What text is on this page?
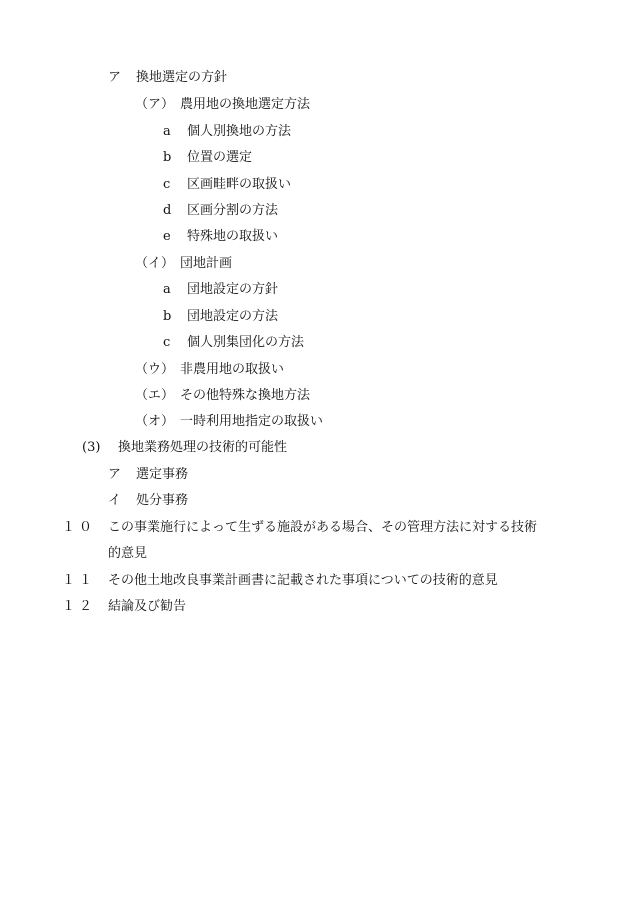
ア 換地選定の方針
（ア） 農用地の換地選定方法
a 個人別換地の方法
b 位置の選定
c 区画畦畔の取扱い
d 区画分割の方法
e 特殊地の取扱い
（イ） 団地計画
a 団地設定の方針
b 団地設定の方法
c 個人別集団化の方法
（ウ） 非農用地の取扱い
（エ） その他特殊な換地方法
（オ） 一時利用地指定の取扱い
(3) 換地業務処理の技術的可能性
ア 選定事務
イ 処分事務
１０ この事業施行によって生ずる施設がある場合、その管理方法に対する技術
的意見
１１ その他土地改良事業計画書に記載された事項についての技術的意見
１２ 結論及び勧告
